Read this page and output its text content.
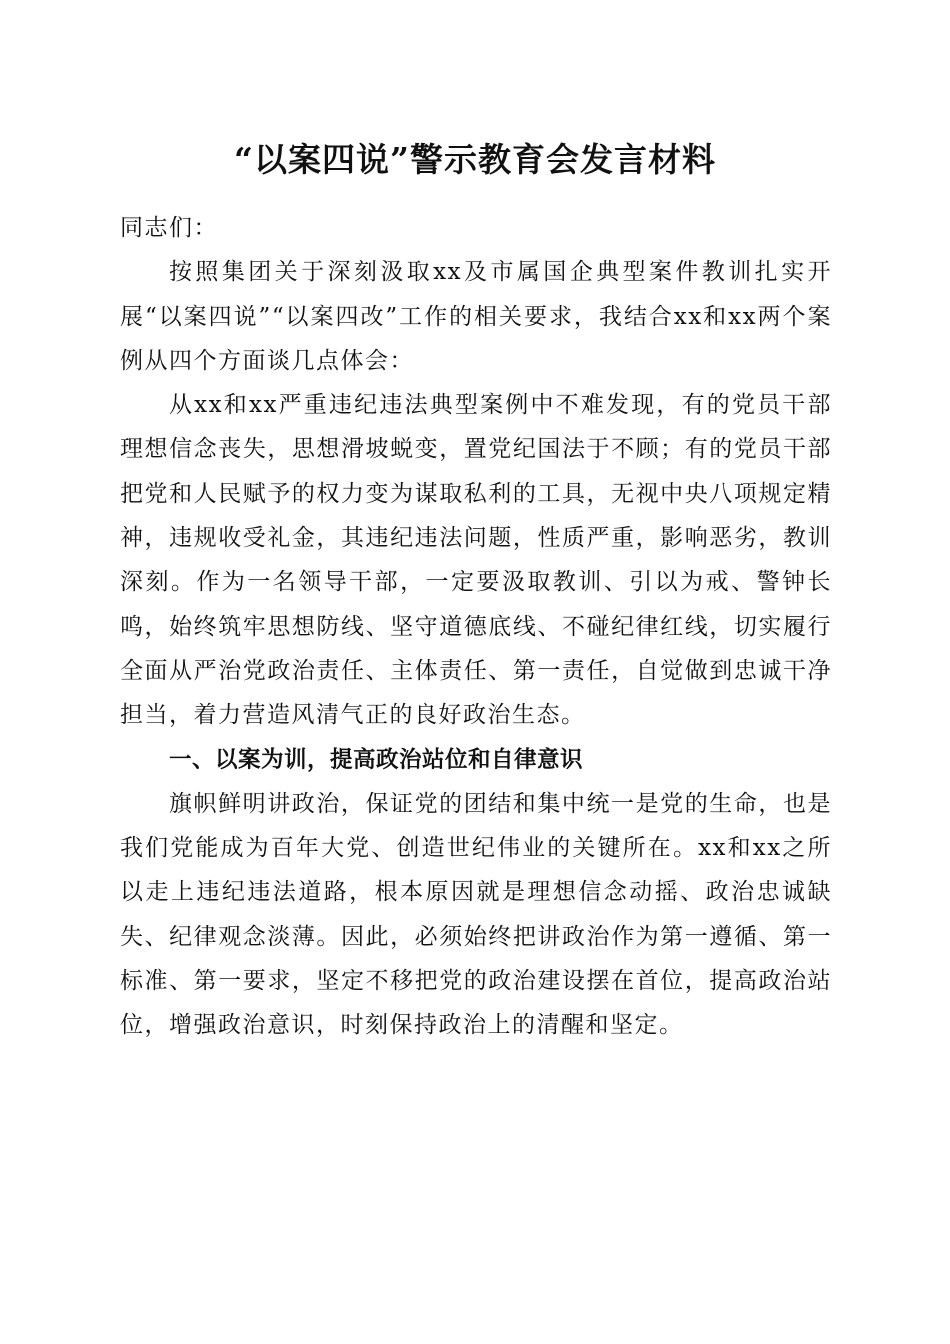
“以案四说”警示教育会发言材料

同志们：

按照集团关于深刻汲取xx及市属国企典型案件教训扎实开展“以案四说”“以案四改”工作的相关要求，我结合xx和xx两个案例从四个方面谈几点体会：

从xx和xx严重违纪违法典型案例中不难发现，有的党员干部理想信念丧失，思想滑坡蜕变，置党纪国法于不顾；有的党员干部把党和人民赋予的权力变为谋取私利的工具，无视中央八项规定精神，违规收受礼金，其违纪违法问题，性质严重，影响恶劣，教训深刻。作为一名领导干部，一定要汲取教训、引以为戒、警钟长鸣，始终筑牢思想防线、坚守道德底线、不碰纪律红线，切实履行全面从严治党政治责任、主体责任、第一责任，自觉做到忠诚干净担当，着力营造风清气正的良好政治生态。

一、以案为训，提高政治站位和自律意识

旗帜鲜明讲政治，保证党的团结和集中统一是党的生命，也是我们党能成为百年大党、创造世纪伟业的关键所在。xx和xx之所以走上违纪违法道路，根本原因就是理想信念动摇、政治忠诚缺失、纪律观念淡薄。因此，必须始终把讲政治作为第一遵循、第一标准、第一要求，坚定不移把党的政治建设摆在首位，提高政治站位，增强政治意识，时刻保持政治上的清醒和坚定。
